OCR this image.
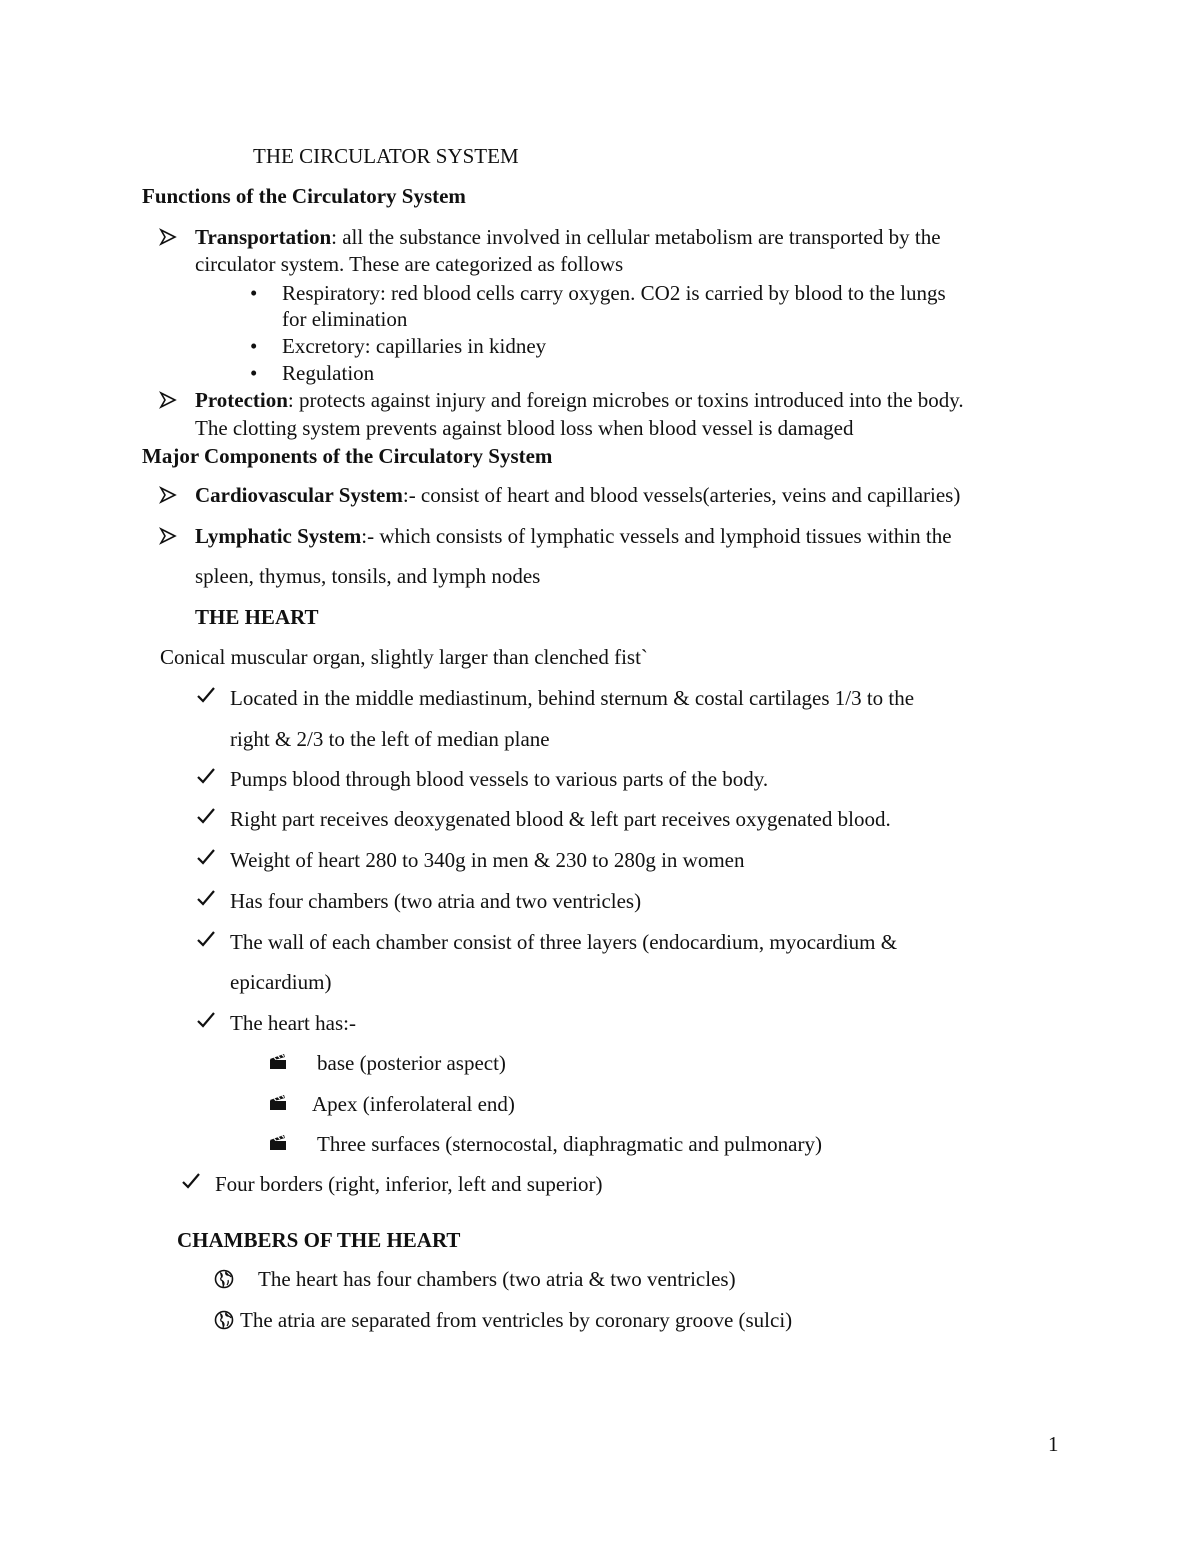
THE CIRCULATOR SYSTEM
Functions of the Circulatory System
Transportation: all the substance involved in cellular metabolism are transported by the
circulator system. These are categorized as follows
• Respiratory: red blood cells carry oxygen. CO2 is carried by blood to the lungs
for elimination
• Excretory: capillaries in kidney
• Regulation
Protection: protects against injury and foreign microbes or toxins introduced into the body.
The clotting system prevents against blood loss when blood vessel is damaged
Major Components of the Circulatory System
Cardiovascular System:- consist of heart and blood vessels(arteries, veins and capillaries)
Lymphatic System:- which consists of lymphatic vessels and lymphoid tissues within the
spleen, thymus, tonsils, and lymph nodes
THE HEART
Conical muscular organ, slightly larger than clenched fist`
Located in the middle mediastinum, behind sternum & costal cartilages 1/3 to the
right & 2/3 to the left of median plane
Pumps blood through blood vessels to various parts of the body.
Right part receives deoxygenated blood & left part receives oxygenated blood.
Weight of heart 280 to 340g in men & 230 to 280g in women
Has four chambers (two atria and two ventricles)
The wall of each chamber consist of three layers (endocardium, myocardium &
epicardium)
The heart has:-
base (posterior aspect)
Apex (inferolateral end)
Three surfaces (sternocostal, diaphragmatic and pulmonary)
Four borders (right, inferior, left and superior)
CHAMBERS OF THE HEART
The heart has four chambers (two atria & two ventricles)
The atria are separated from ventricles by coronary groove (sulci)
1
